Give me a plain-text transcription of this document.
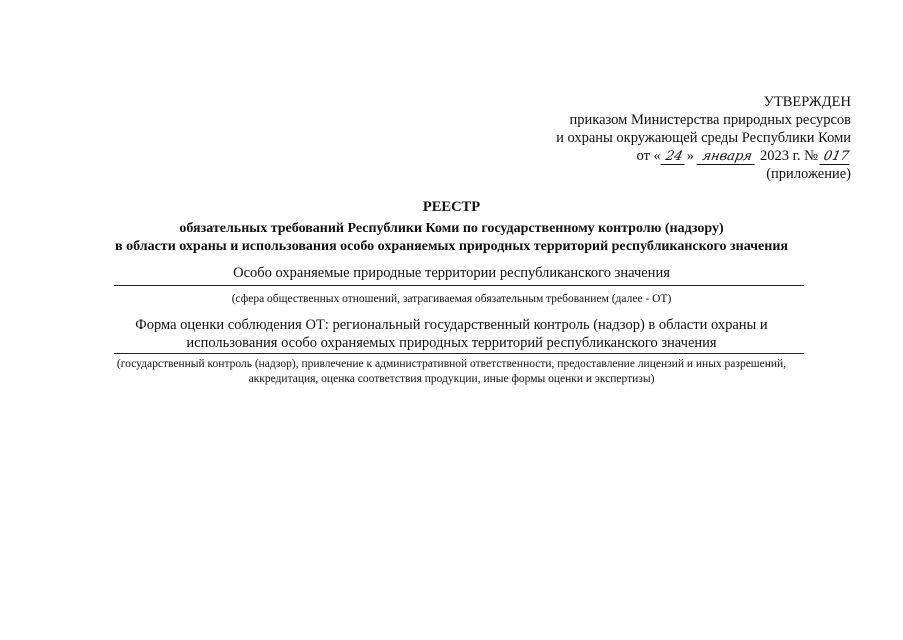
УТВЕРЖДЕН
приказом Министерства природных ресурсов
и охраны окружающей среды Республики Коми
от « 24 » января 2023 г. № 017
(приложение)
РЕЕСТР
обязательных требований Республики Коми по государственному контролю (надзору)
в области охраны и использования особо охраняемых природных территорий республиканского значения
Особо охраняемые природные территории республиканского значения
(сфера общественных отношений, затрагиваемая обязательным требованием (далее - ОТ)
Форма оценки соблюдения ОТ: региональный государственный контроль (надзор) в области охраны и
использования особо охраняемых природных территорий республиканского значения
(государственный контроль (надзор), привлечение к административной ответственности, предоставление лицензий и иных разрешений,
аккредитация, оценка соответствия продукции, иные формы оценки и экспертизы)
